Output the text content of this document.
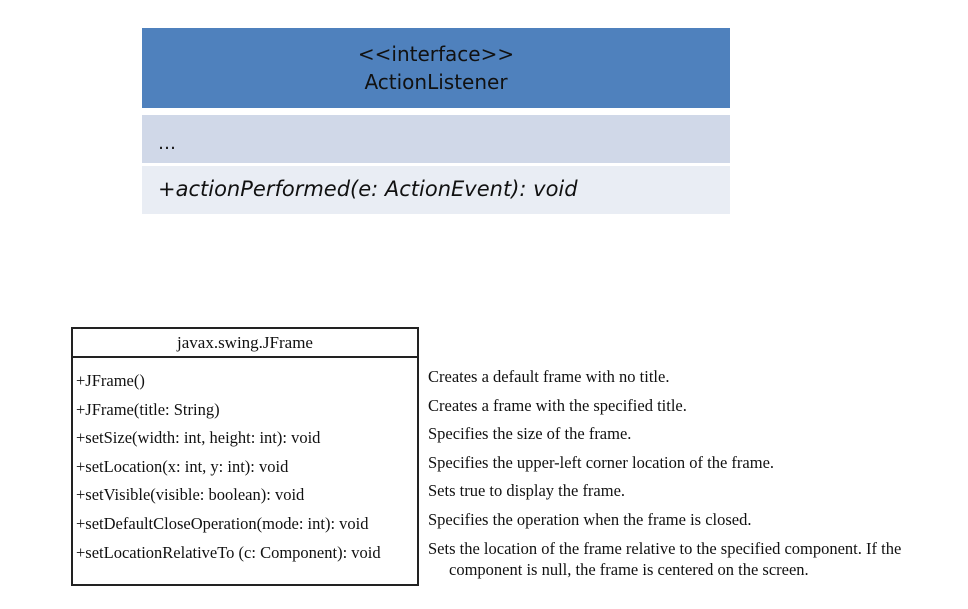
<<interface>>
ActionListener
…
+actionPerformed(e: ActionEvent): void
javax.swing.JFrame
+JFrame()
+JFrame(title: String)
+setSize(width: int, height: int): void
+setLocation(x: int, y: int): void
+setVisible(visible: boolean): void
+setDefaultCloseOperation(mode: int): void
+setLocationRelativeTo (c: Component): void
Creates a default frame with no title.
Creates a frame with the specified title.
Specifies the size of the frame.
Specifies the upper-left corner location of the frame.
Sets true to display the frame.
Specifies the operation when the frame is closed.
Sets the location of the frame relative to the specified component. If the component is null, the frame is centered on the screen.
